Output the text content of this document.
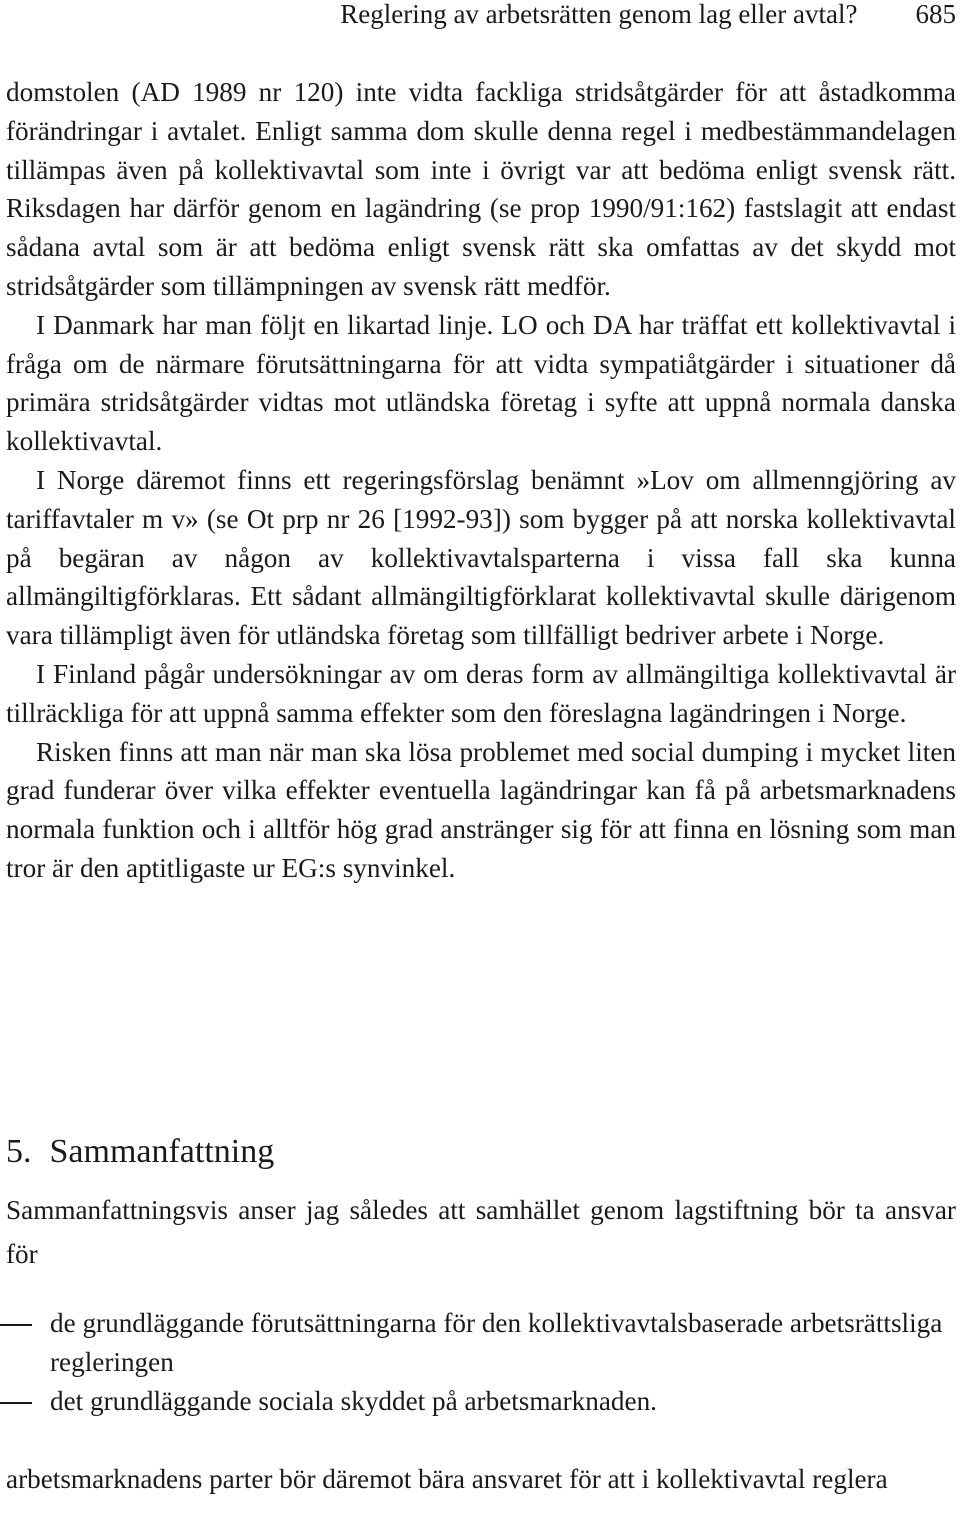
Reglering av arbetsrätten genom lag eller avtal? 685

domstolen (AD 1989 nr 120) inte vidta fackliga stridsåtgärder för att åstadkomma förändringar i avtalet. Enligt samma dom skulle denna regel i medbestämmandelagen tillämpas även på kollektivavtal som inte i övrigt var att bedöma enligt svensk rätt. Riksdagen har därför genom en lagändring (se prop 1990/91:162) fastslagit att endast sådana avtal som är att bedöma enligt svensk rätt ska omfattas av det skydd mot stridsåtgärder som tillämpningen av svensk rätt medför.

I Danmark har man följt en likartad linje. LO och DA har träffat ett kollektivavtal i fråga om de närmare förutsättningarna för att vidta sympatiåtgärder i situationer då primära stridsåtgärder vidtas mot utländska företag i syfte att uppnå normala danska kollektivavtal.

I Norge däremot finns ett regeringsförslag benämnt »Lov om allmenngjöring av tariffavtaler m v» (se Ot prp nr 26 [1992-93]) som bygger på att norska kollektivavtal på begäran av någon av kollektivavtalsparterna i vissa fall ska kunna allmängiltigförklaras. Ett sådant allmängiltigförklarat kollektivavtal skulle därigenom vara tillämpligt även för utländska företag som tillfälligt bedriver arbete i Norge.

I Finland pågår undersökningar av om deras form av allmängiltiga kollektivavtal är tillräckliga för att uppnå samma effekter som den föreslagna lagändringen i Norge.

Risken finns att man när man ska lösa problemet med social dumping i mycket liten grad funderar över vilka effekter eventuella lagändringar kan få på arbetsmarknadens normala funktion och i alltför hög grad anstränger sig för att finna en lösning som man tror är den aptitligaste ur EG:s synvinkel.

5. Sammanfattning

Sammanfattningsvis anser jag således att samhället genom lagstiftning bör ta ansvar för

de grundläggande förutsättningarna för den kollektivavtalsbaserade arbetsrättsliga regleringen
det grundläggande sociala skyddet på arbetsmarknaden.

arbetsmarknadens parter bör däremot bära ansvaret för att i kollektivavtal reglera
